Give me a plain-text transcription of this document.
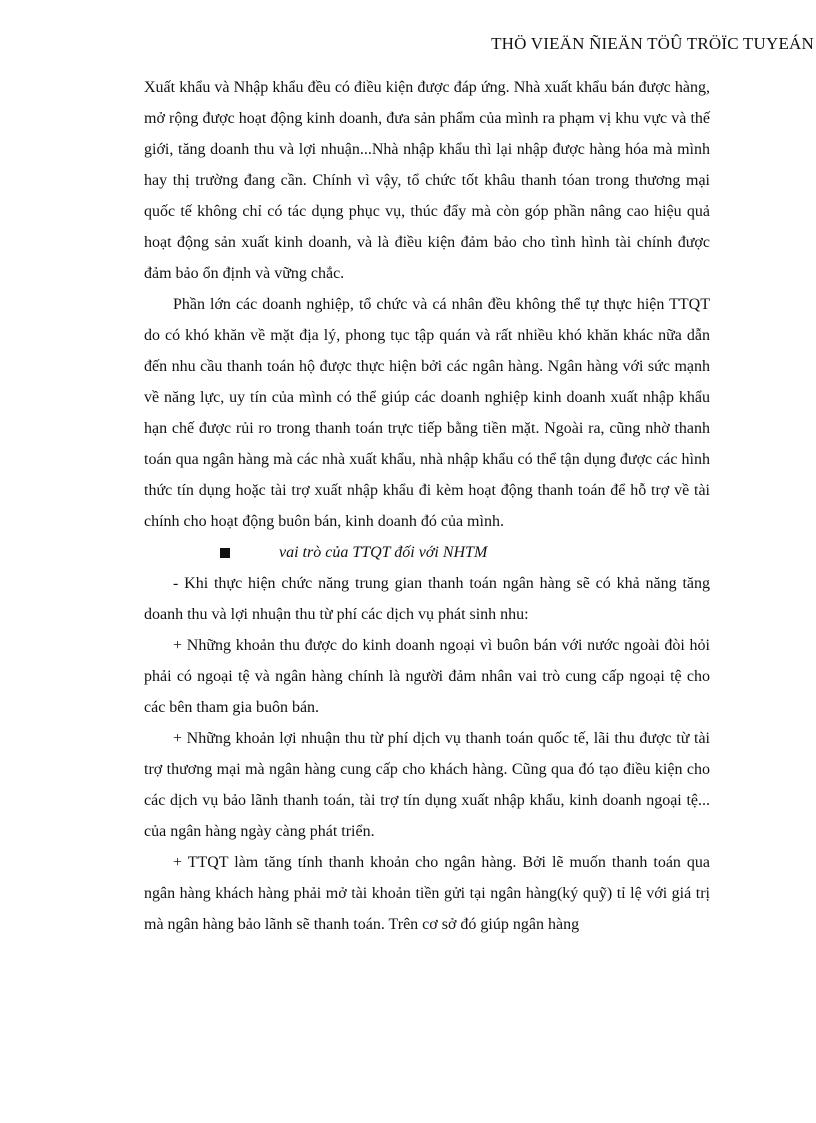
THÖ VIEÄN ÑIEÄN TÖÛ TRÖÏC TUYEÁN

Xuất khẩu và Nhập khẩu đều có điều kiện được đáp ứng. Nhà xuất khẩu bán được hàng, mở rộng được hoạt động kinh doanh, đưa sản phẩm của mình ra phạm vị khu vực và thế giới, tăng doanh thu và lợi nhuận...Nhà nhập khẩu thì lại nhập được hàng hóa mà mình hay thị trường đang cần. Chính vì vậy, tổ chức tốt khâu thanh tóan trong thương mại quốc tế không chỉ có tác dụng phục vụ, thúc đẩy mà còn góp phần nâng cao hiệu quả hoạt động sản xuất kinh doanh, và là điều kiện đảm bảo cho tình hình tài chính được đảm bảo ổn định và vững chắc.

Phần lớn các doanh nghiệp, tổ chức và cá nhân đều không thể tự thực hiện TTQT do có khó khăn về mặt địa lý, phong tục tập quán và rất nhiều khó khăn khác nữa dẫn đến nhu cầu thanh toán hộ được thực hiện bởi các ngân hàng. Ngân hàng với sức mạnh về năng lực, uy tín của mình có thể giúp các doanh nghiệp kinh doanh xuất nhập khẩu hạn chế được rủi ro trong thanh toán trực tiếp bằng tiền mặt. Ngoài ra, cũng nhờ thanh toán qua ngân hàng mà các nhà xuất khẩu, nhà nhập khẩu có thể tận dụng được các hình thức tín dụng hoặc tài trợ xuất nhập khẩu đi kèm hoạt động thanh toán để hỗ trợ về tài chính cho hoạt động buôn bán, kinh doanh đó của mình.

vai trò của TTQT đối với NHTM

- Khi thực hiện chức năng trung gian thanh toán ngân hàng sẽ có khả năng tăng doanh thu và lợi nhuận thu từ phí các dịch vụ phát sinh nhu:

+ Những khoản thu được do kinh doanh ngoại vì buôn bán với nước ngoài đòi hỏi phải có ngoại tệ và ngân hàng chính là người đảm nhân vai trò cung cấp ngoại tệ cho các bên tham gia buôn bán.

+ Những khoản lợi nhuận thu từ phí dịch vụ thanh toán quốc tế, lãi thu được từ tài trợ thương mại mà ngân hàng cung cấp cho khách hàng. Cũng qua đó tạo điều kiện cho các dịch vụ bảo lãnh thanh toán, tài trợ tín dụng xuất nhập khẩu, kinh doanh ngoại tệ... của ngân hàng ngày càng phát triển.

+ TTQT làm tăng tính thanh khoản cho ngân hàng. Bởi lẽ muốn thanh toán qua ngân hàng khách hàng phải mở tài khoản tiền gửi tại ngân hàng(ký quỹ) tỉ lệ với giá trị mà ngân hàng bảo lãnh sẽ thanh toán. Trên cơ sở đó giúp ngân hàng
